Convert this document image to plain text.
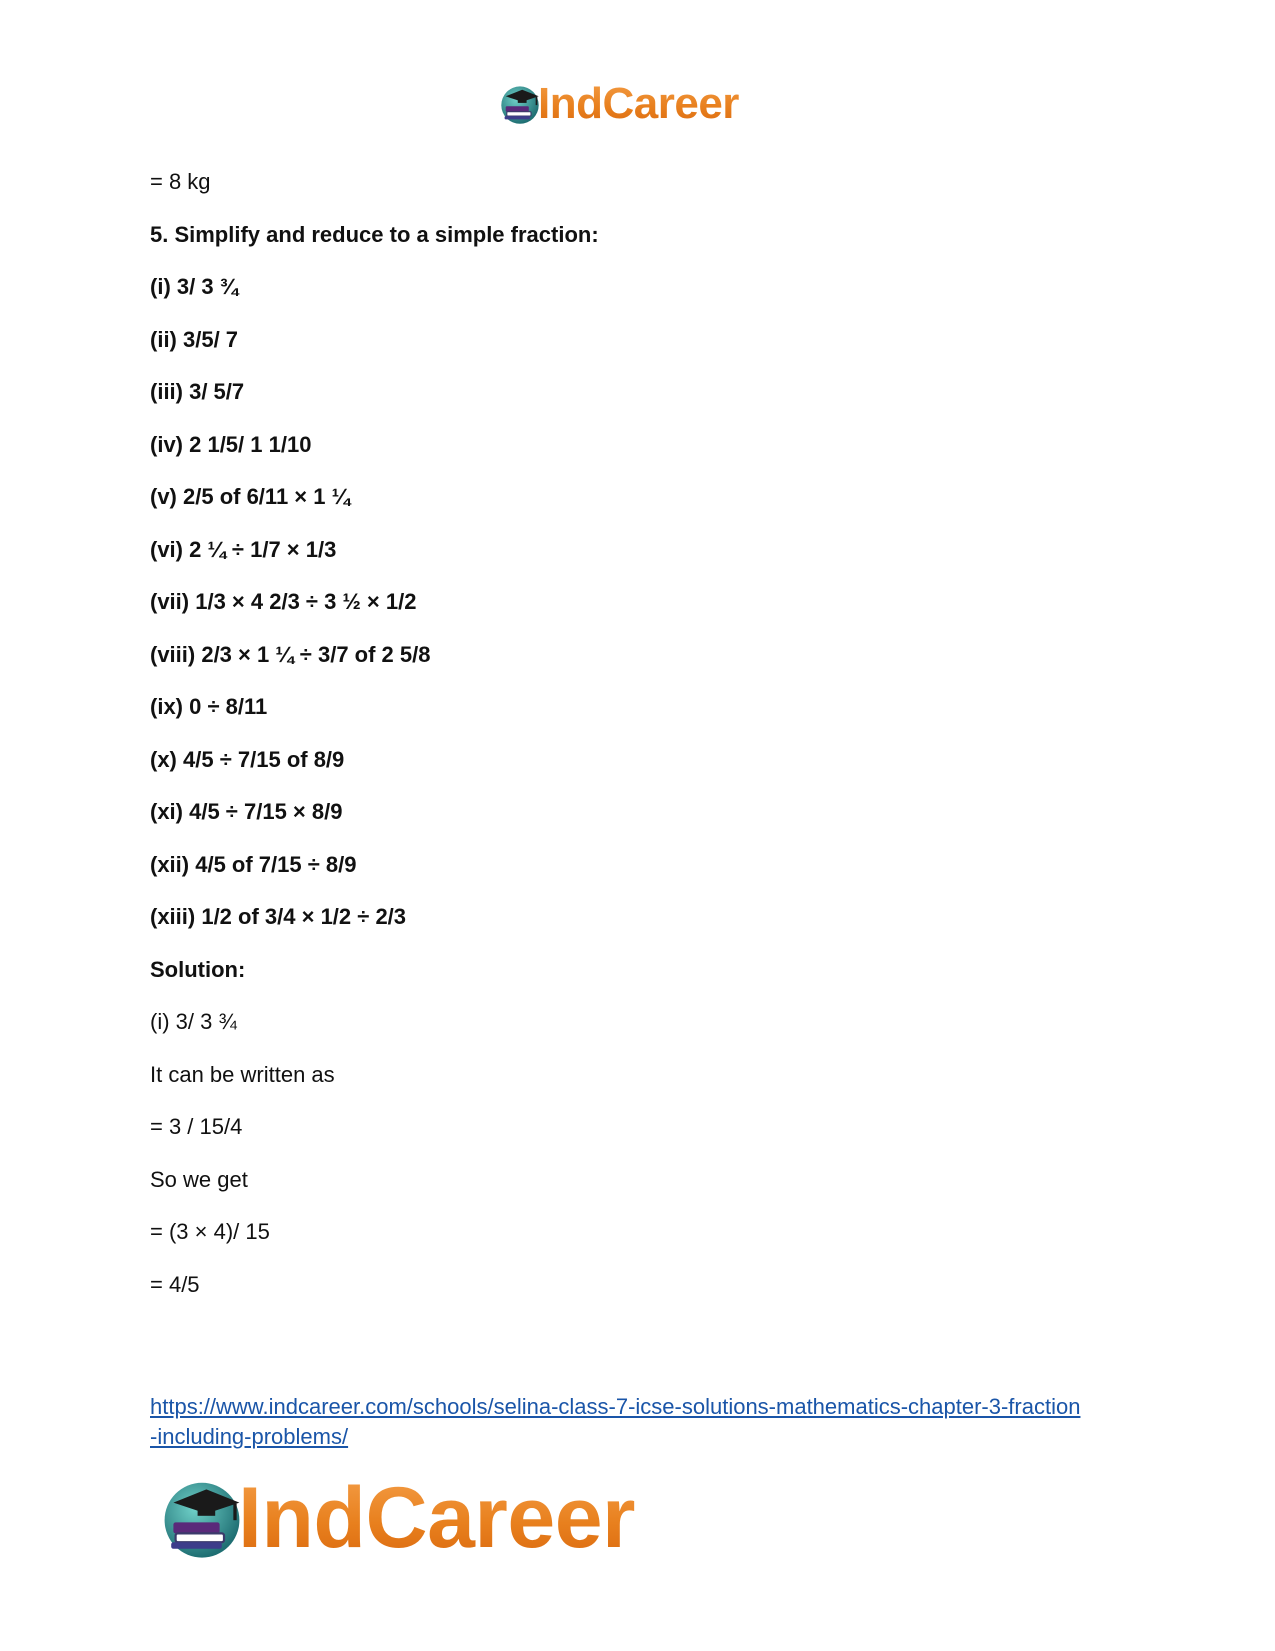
IndCareer
= 8 kg
5. Simplify and reduce to a simple fraction:
(i) 3/ 3 ¾
(ii) 3/5/ 7
(iii) 3/ 5/7
(iv) 2 1/5/ 1 1/10
(v) 2/5 of 6/11 × 1 ¼
(vi) 2 ¼ ÷ 1/7 × 1/3
(vii) 1/3 × 4 2/3 ÷ 3 ½ × 1/2
(viii) 2/3 × 1 ¼ ÷ 3/7 of 2 5/8
(ix) 0 ÷ 8/11
(x) 4/5 ÷ 7/15 of 8/9
(xi) 4/5 ÷ 7/15 × 8/9
(xii) 4/5 of 7/15 ÷ 8/9
(xiii) 1/2 of 3/4 × 1/2 ÷ 2/3
Solution:
(i) 3/ 3 ¾
It can be written as
= 3 / 15/4
So we get
= (3 × 4)/ 15
= 4/5
https://www.indcareer.com/schools/selina-class-7-icse-solutions-mathematics-chapter-3-fraction
-including-problems/
IndCareer
